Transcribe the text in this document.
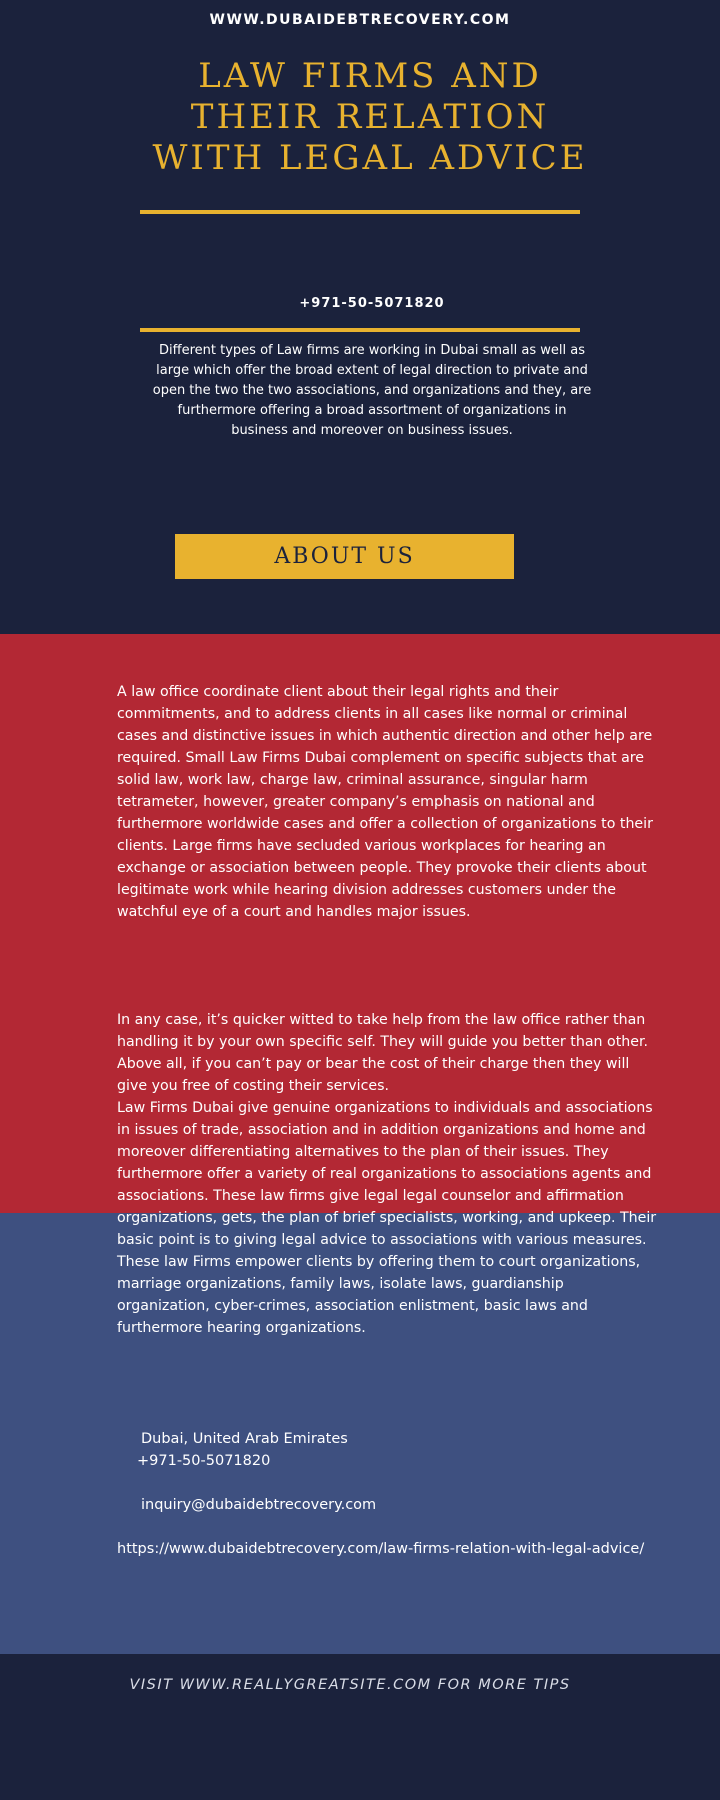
WWW.DUBAIDEBTRECOVERY.COM
LAW FIRMS AND
THEIR RELATION
WITH LEGAL ADVICE
+971-50-5071820
Different types of Law firms are working in Dubai small as well as large which offer the broad extent of legal direction to private and open the two the two associations, and organizations and they, are furthermore offering a broad assortment of organizations in business and moreover on business issues.
ABOUT US
A law office coordinate client about their legal rights and their commitments, and to address clients in all cases like normal or criminal cases and distinctive issues in which authentic direction and other help are required. Small Law Firms Dubai complement on specific subjects that are solid law, work law, charge law, criminal assurance, singular harm tetrameter, however, greater company’s emphasis on national and furthermore worldwide cases and offer a collection of organizations to their clients. Large firms have secluded various workplaces for hearing an exchange or association between people. They provoke their clients about legitimate work while hearing division addresses customers under the watchful eye of a court and handles major issues.
In any case, it’s quicker witted to take help from the law office rather than handling it by your own specific self. They will guide you better than other. Above all, if you can’t pay or bear the cost of their charge then they will give you free of costing their services.
Law Firms Dubai give genuine organizations to individuals and associations in issues of trade, association and in addition organizations and home and moreover differentiating alternatives to the plan of their issues. They furthermore offer a variety of real organizations to associations agents and associations. These law firms give legal legal counselor and affirmation organizations, gets, the plan of brief specialists, working, and upkeep. Their basic point is to giving legal advice to associations with various measures. These law Firms empower clients by offering them to court organizations, marriage organizations, family laws, isolate laws, guardianship organization, cyber-crimes, association enlistment, basic laws and furthermore hearing organizations.
Dubai, United Arab Emirates
+971-50-5071820
inquiry@dubaidebtrecovery.com
https://www.dubaidebtrecovery.com/law-firms-relation-with-legal-advice/
VISIT WWW.REALLYGREATSITE.COM FOR MORE TIPS
